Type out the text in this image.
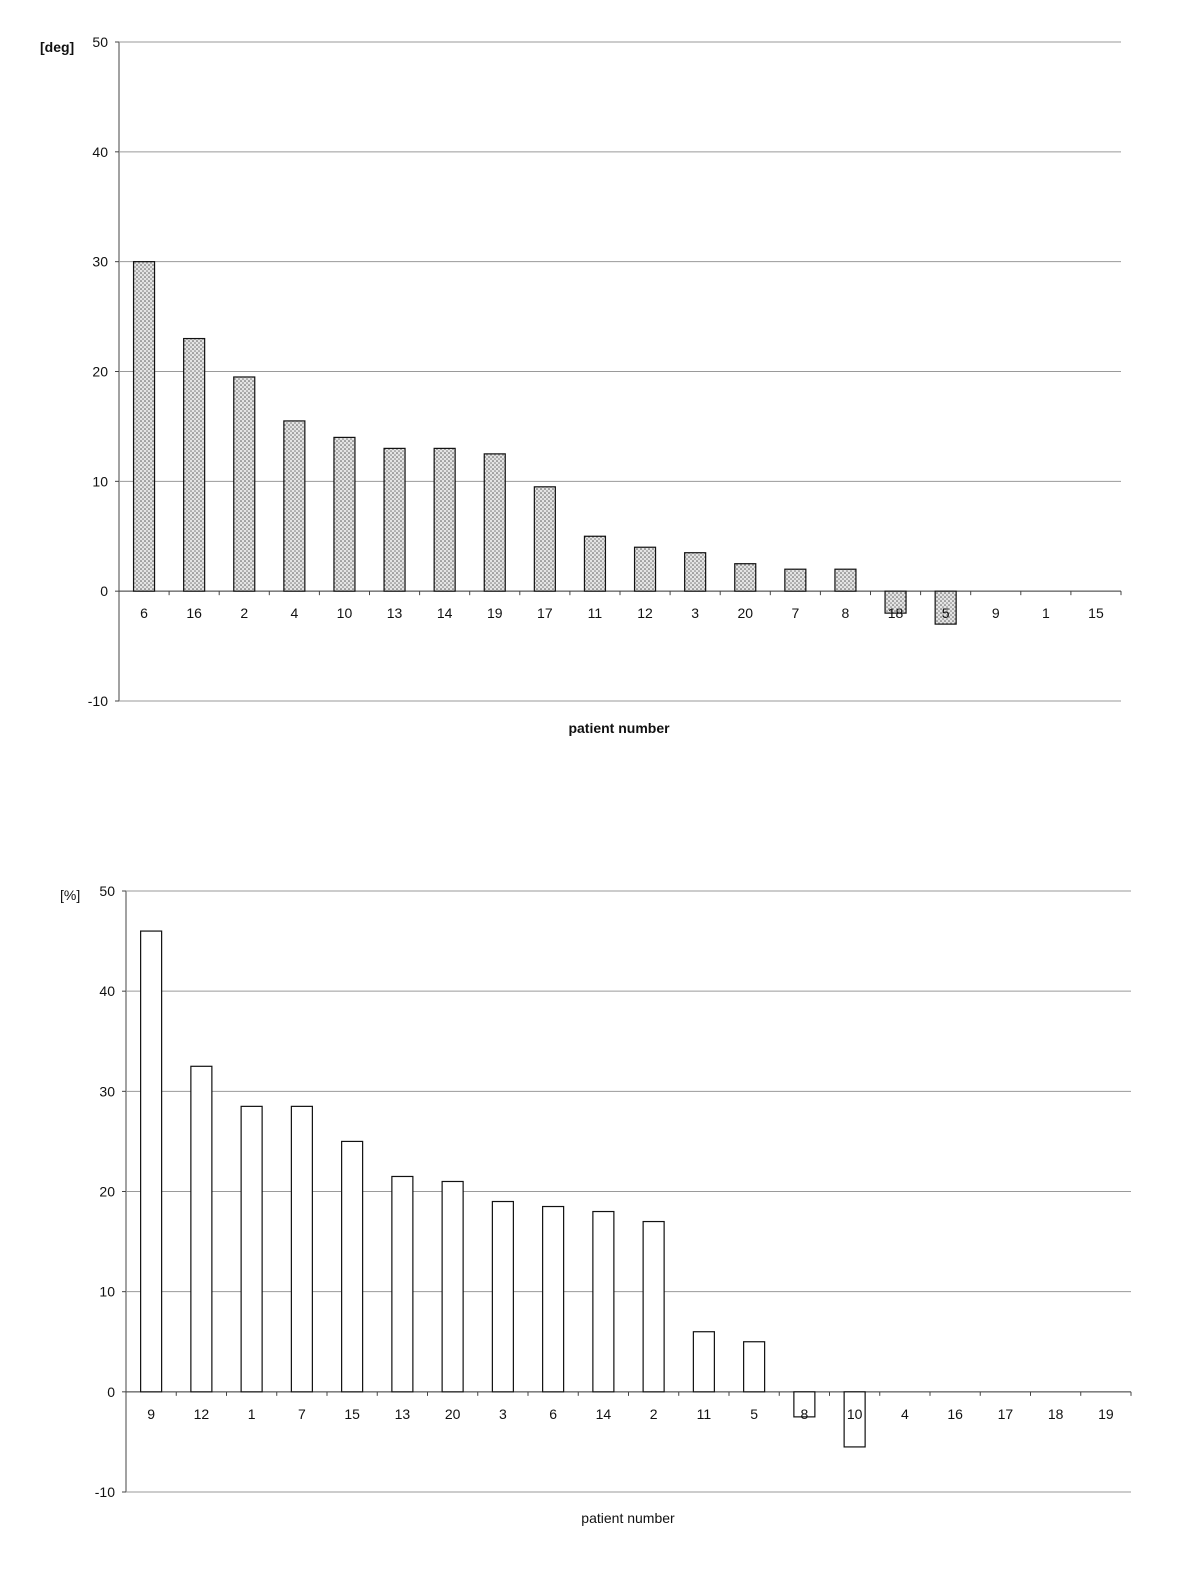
[deg]
patient number
-10
0
10
20
30
40
50
6	16	2	4	10 13 14 19 17	11	12	3	20	7	8	18	5	9	1	15
[%]
patient number
-10
0
10
20
30
40
50
9	12	1	7	15 13 20	3	6	14	2	11	5	8	10	4	16 17 18 19
